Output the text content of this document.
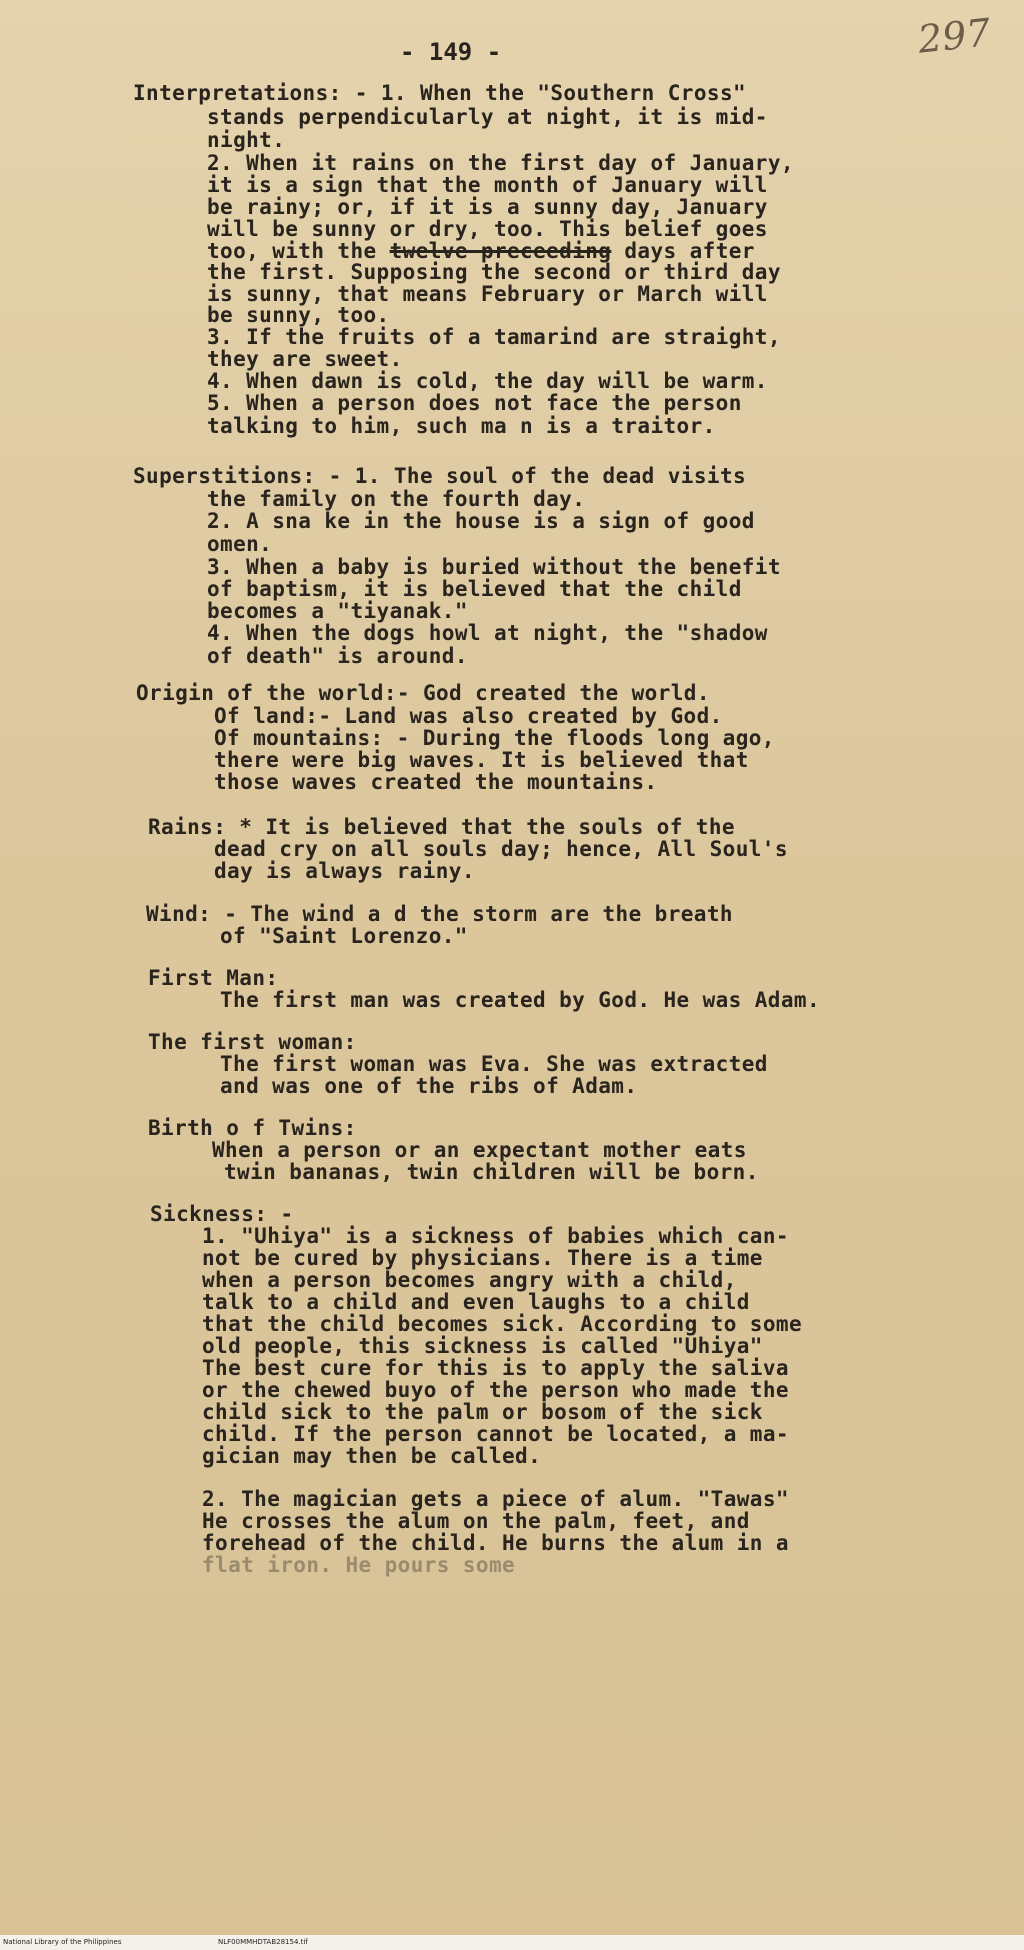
- 149 -	297
Interpretations: - 1. When the "Southern Cross"
stands perpendicularly at night, it is mid-
night.
2. When it rains on the first day of January,
it is a sign that the month of January will
be rainy; or, if it is a sunny day, January
will be sunny or dry, too. This belief goes
too, with the twelve preceeding days after
the first. Supposing the second or third day
is sunny, that means February or March will
be sunny, too.
3. If the fruits of a tamarind are straight,
they are sweet.
4. When dawn is cold, the day will be warm.
5. When a person does not face the person
talking to him, such ma n is a traitor.
Superstitions: - 1. The soul of the dead visits
the family on the fourth day.
2. A sna ke in the house is a sign of good
omen.
3. When a baby is buried without the benefit
of baptism, it is believed that the child
becomes a "tiyanak."
4. When the dogs howl at night, the "shadow
of death" is around.
Origin of the world:- God created the world.
Of land:- Land was also created by God.
Of mountains: - During the floods long ago,
there were big waves. It is believed that
those waves created the mountains.
Rains: * It is believed that the souls of the
dead cry on all souls day; hence, All Soul's
day is always rainy.
Wind: - The wind a d the storm are the breath
of "Saint Lorenzo."
First Man:
The first man was created by God. He was Adam.
The first woman:
The first woman was Eva. She was extracted
and was one of the ribs of Adam.
Birth o f Twins:
When a person or an expectant mother eats
twin bananas, twin children will be born.
Sickness: -
1. "Uhiya" is a sickness of babies which can-
not be cured by physicians. There is a time
when a person becomes angry with a child,
talk to a child and even laughs to a child
that the child becomes sick. According to some
old people, this sickness is called "Uhiya"
The best cure for this is to apply the saliva
or the chewed buyo of the person who made the
child sick to the palm or bosom of the sick
child. If the person cannot be located, a ma-
gician may then be called.
2. The magician gets a piece of alum. "Tawas"
He crosses the alum on the palm, feet, and
forehead of the child. He burns the alum in a
flat iron. He pours some
National Library of the Philippines	NLF00MMHDTAB28154.tif
